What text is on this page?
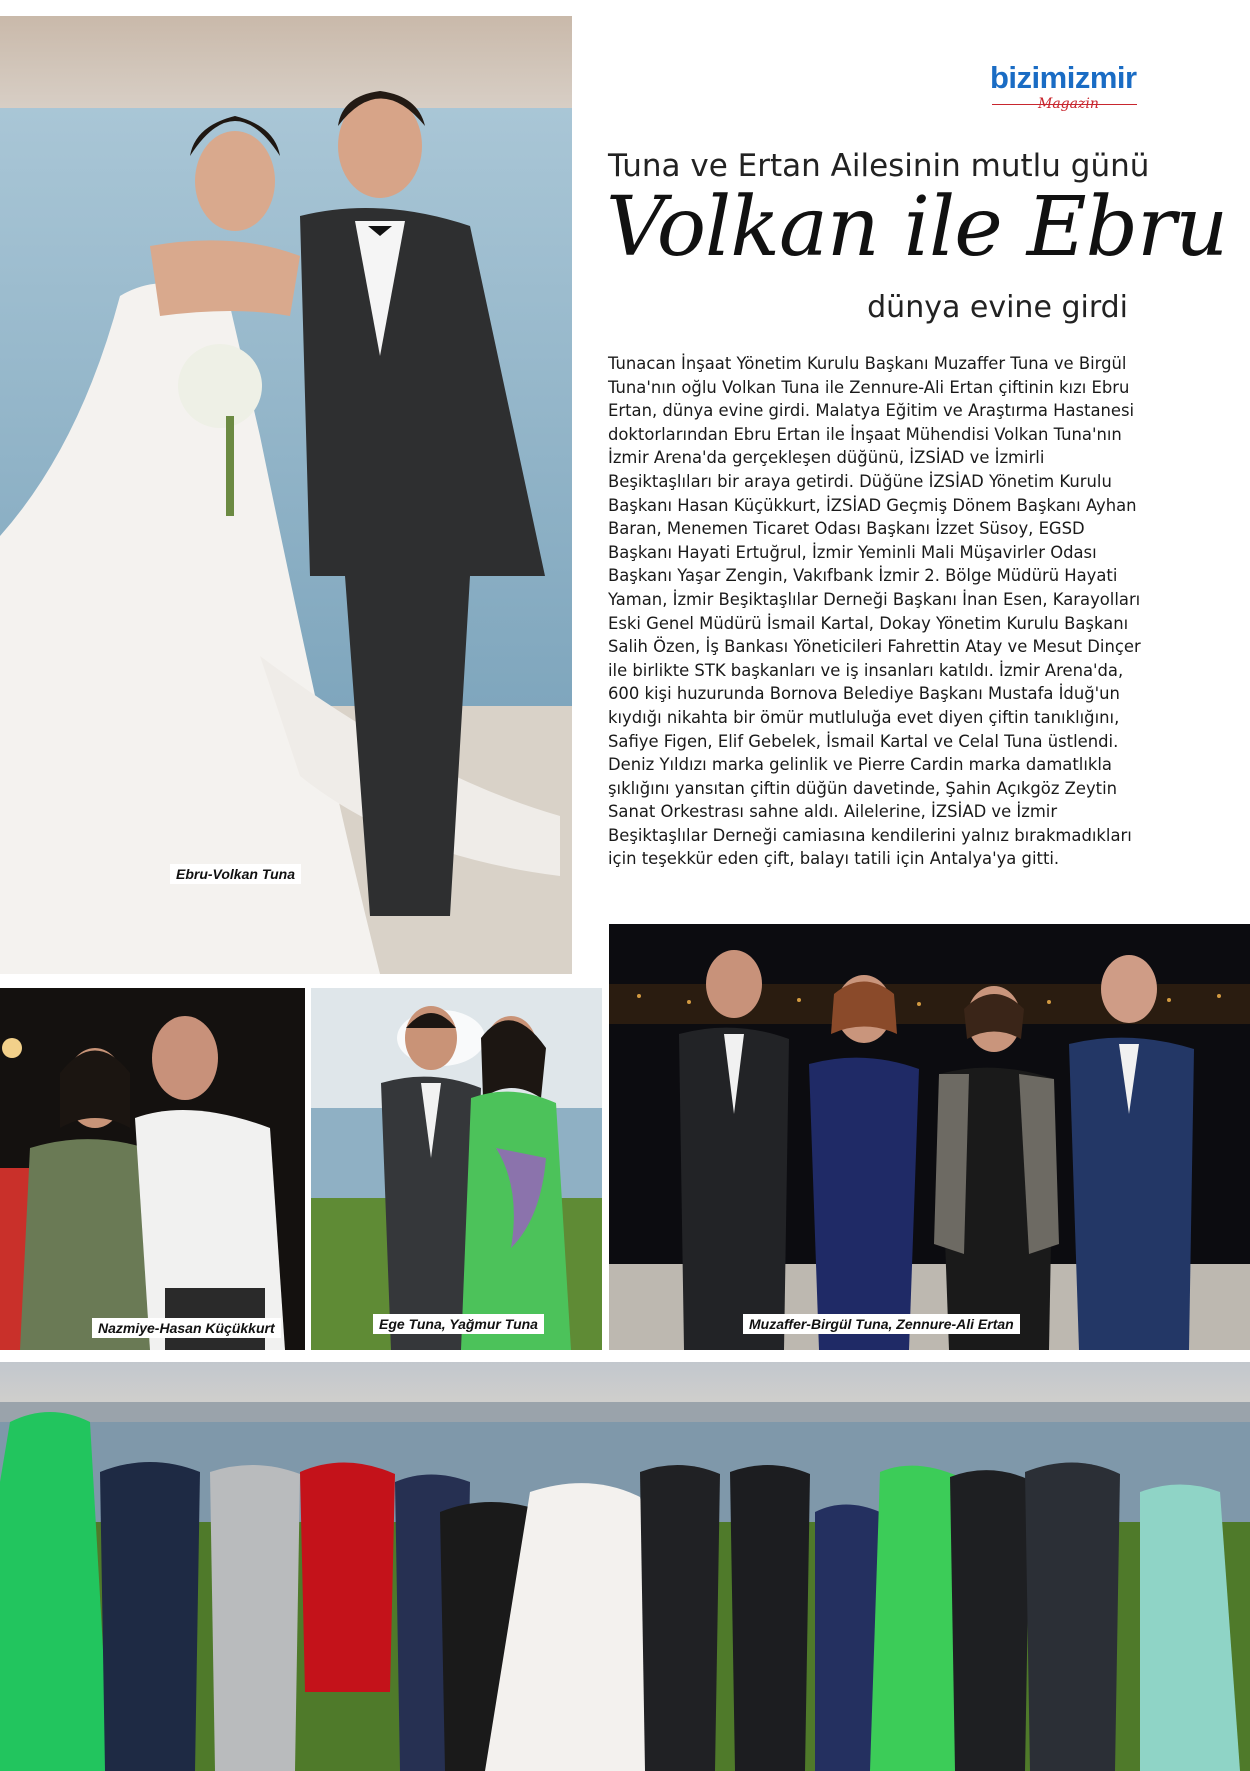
bizimizmir
Magazin
Tuna ve Ertan Ailesinin mutlu günü
Volkan ile Ebru
dünya evine girdi

Tunacan İnşaat Yönetim Kurulu Başkanı Muzaffer Tuna ve Birgül Tuna'nın oğlu Volkan Tuna ile Zennure-Ali Ertan çiftinin kızı Ebru Ertan, dünya evine girdi. Malatya Eğitim ve Araştırma Hastanesi doktorlarından Ebru Ertan ile İnşaat Mühendisi Volkan Tuna'nın İzmir Arena'da gerçekleşen düğünü, İZSİAD ve İzmirli Beşiktaşlıları bir araya getirdi. Düğüne İZSİAD Yönetim Kurulu Başkanı Hasan Küçükkurt, İZSİAD Geçmiş Dönem Başkanı Ayhan Baran, Menemen Ticaret Odası Başkanı İzzet Süsoy, EGSD Başkanı Hayati Ertuğrul, İzmir Yeminli Mali Müşavirler Odası Başkanı Yaşar Zengin, Vakıfbank İzmir 2. Bölge Müdürü Hayati Yaman, İzmir Beşiktaşlılar Derneği Başkanı İnan Esen, Karayolları Eski Genel Müdürü İsmail Kartal, Dokay Yönetim Kurulu Başkanı Salih Özen, İş Bankası Yöneticileri Fahrettin Atay ve Mesut Dinçer ile birlikte STK başkanları ve iş insanları katıldı. İzmir Arena'da, 600 kişi huzurunda Bornova Belediye Başkanı Mustafa İduğ'un kıydığı nikahta bir ömür mutluluğa evet diyen çiftin tanıklığını, Safiye Figen, Elif Gebelek, İsmail Kartal ve Celal Tuna üstlendi. Deniz Yıldızı marka gelinlik ve Pierre Cardin marka damatlıkla şıklığını yansıtan çiftin düğün davetinde, Şahin Açıkgöz Zeytin Sanat Orkestrası sahne aldı. Ailelerine, İZSİAD ve İzmir Beşiktaşlılar Derneği camiasına kendilerini yalnız bırakmadıkları için teşekkür eden çift, balayı tatili için Antalya'ya gitti.

Ebru-Volkan Tuna
Nazmiye-Hasan Küçükkurt	Ege Tuna, Yağmur Tuna	Muzaffer-Birgül Tuna, Zennure-Ali Ertan
